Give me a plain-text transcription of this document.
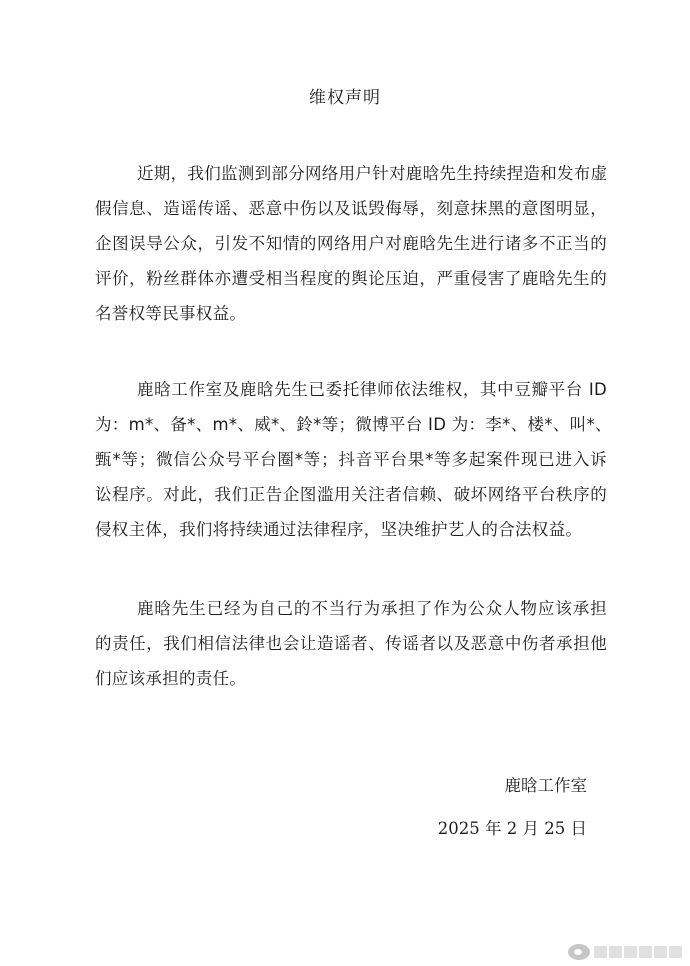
维权声明
近期，我们监测到部分网络用户针对鹿晗先生持续捏造和发布虚
假信息、造谣传谣、恶意中伤以及诋毁侮辱，刻意抹黑的意图明显，
企图误导公众，引发不知情的网络用户对鹿晗先生进行诸多不正当的
评价，粉丝群体亦遭受相当程度的舆论压迫，严重侵害了鹿晗先生的
名誉权等民事权益。
鹿晗工作室及鹿晗先生已委托律师依法维权，其中豆瓣平台 ID
为：m*、备*、m*、威*、鈴*等；微博平台 ID 为：李*、楼*、叫*、
甄*等；微信公众号平台圈*等；抖音平台果*等多起案件现已进入诉
讼程序。对此，我们正告企图滥用关注者信赖、破坏网络平台秩序的
侵权主体，我们将持续通过法律程序，坚决维护艺人的合法权益。
鹿晗先生已经为自己的不当行为承担了作为公众人物应该承担
的责任，我们相信法律也会让造谣者、传谣者以及恶意中伤者承担他
们应该承担的责任。
鹿晗工作室
2025 年 2 月 25 日
